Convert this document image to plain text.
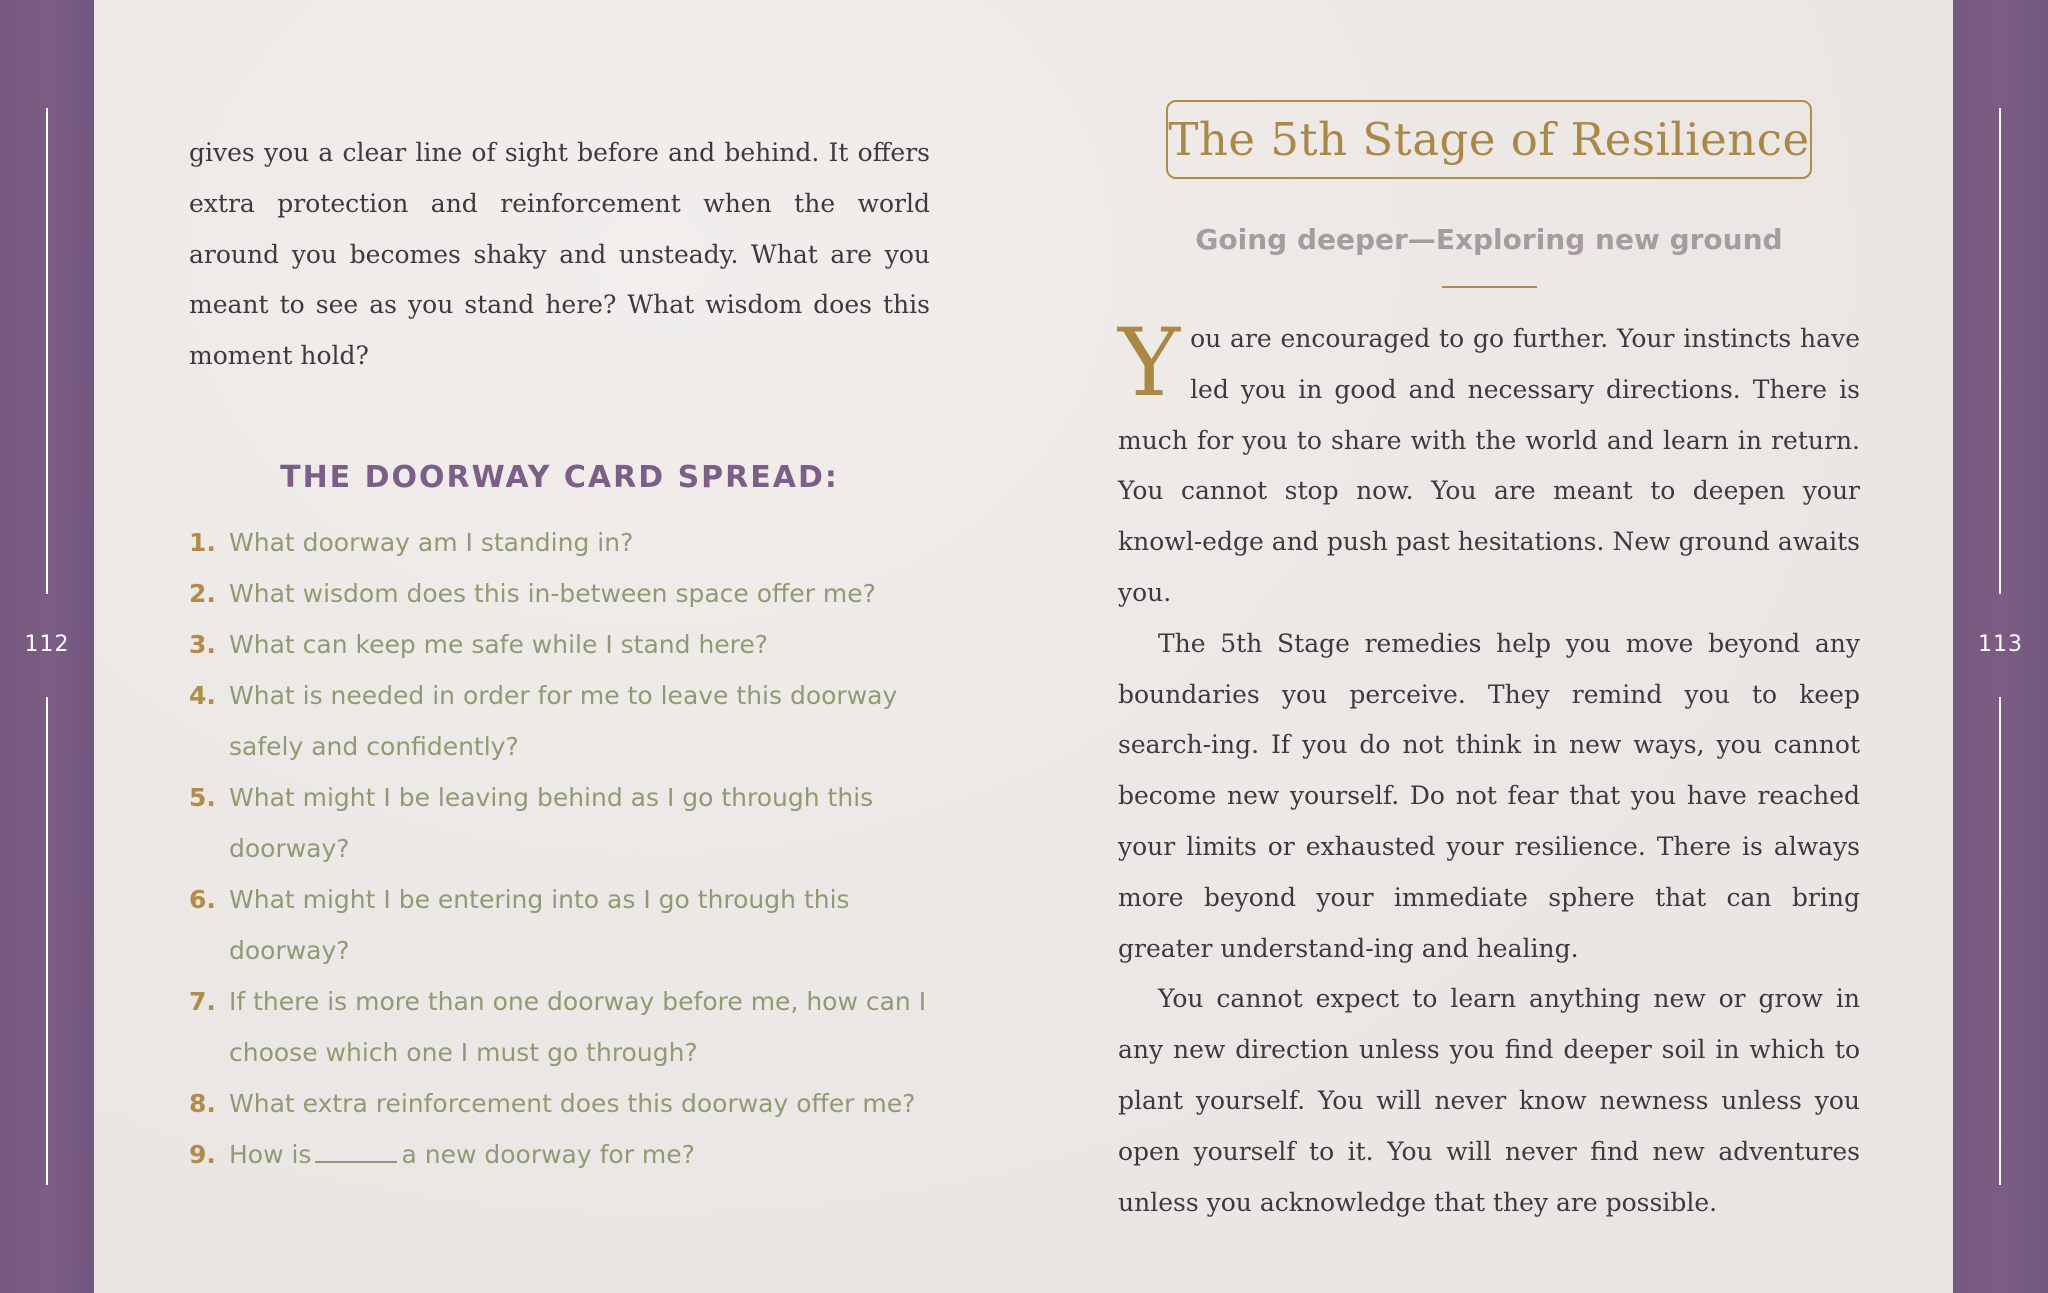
112	113

gives you a clear line of sight before and behind. It offers extra protection and reinforcement when the world around you becomes shaky and unsteady. What are you meant to see as you stand here? What wisdom does this moment hold?

THE DOORWAY CARD SPREAD:
1. What doorway am I standing in?
2. What wisdom does this in-between space offer me?
3. What can keep me safe while I stand here?
4. What is needed in order for me to leave this doorway safely and confidently?
5. What might I be leaving behind as I go through this doorway?
6. What might I be entering into as I go through this doorway?
7. If there is more than one doorway before me, how can I choose which one I must go through?
8. What extra reinforcement does this doorway offer me?
9. How is	a new doorway for me?
The 5th Stage of Resilience
Going deeper—Exploring new ground

You are encouraged to go further. Your instincts have led you in good and necessary directions. There is much for you to share with the world and learn in return. You cannot stop now. You are meant to deepen your knowl-edge and push past hesitations. New ground awaits you.

The 5th Stage remedies help you move beyond any boundaries you perceive. They remind you to keep search-ing. If you do not think in new ways, you cannot become new yourself. Do not fear that you have reached your limits or exhausted your resilience. There is always more beyond your immediate sphere that can bring greater understand-ing and healing.

You cannot expect to learn anything new or grow in any new direction unless you find deeper soil in which to plant yourself. You will never know newness unless you open yourself to it. You will never find new adventures unless you acknowledge that they are possible.
